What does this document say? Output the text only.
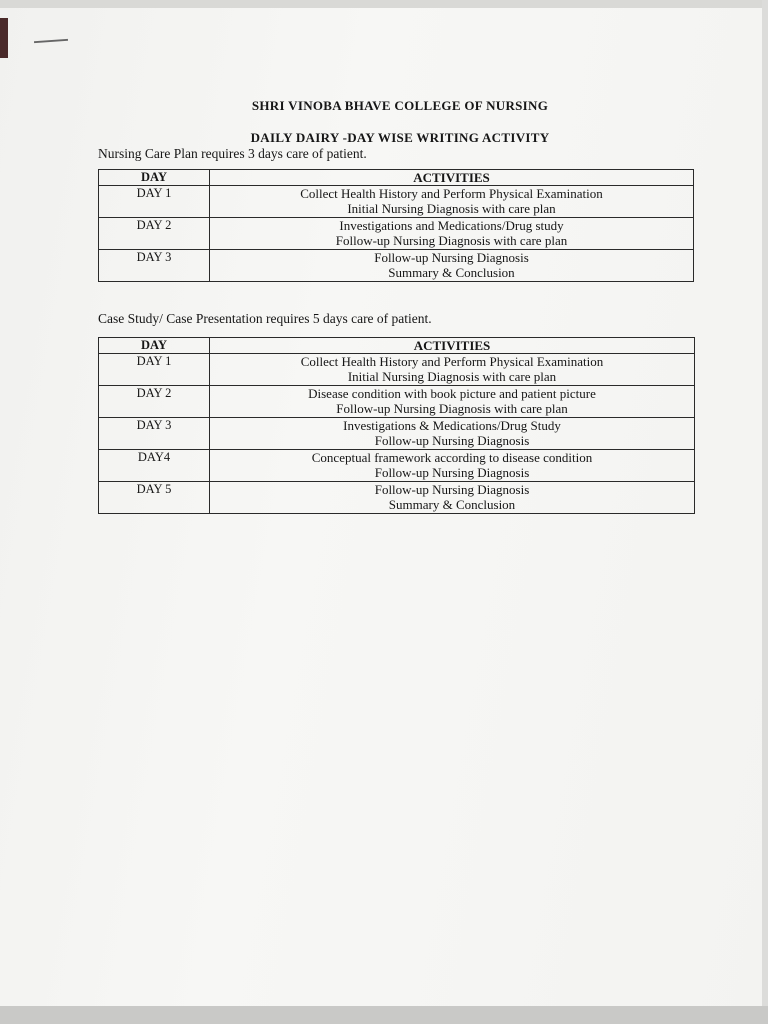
SHRI VINOBA BHAVE COLLEGE OF NURSING
DAILY DAIRY -DAY WISE WRITING ACTIVITY
Nursing Care Plan requires 3 days care of patient.
DAY	ACTIVITIES
DAY 1	Collect Health History and Perform Physical Examination
Initial Nursing Diagnosis with care plan

DAY 2	Investigations and Medications/Drug study
Follow-up Nursing Diagnosis with care plan

DAY 3	Follow-up Nursing Diagnosis
Summary & Conclusion
Case Study/ Case Presentation requires 5 days care of patient.
DAY	ACTIVITIES
DAY 1	Collect Health History and Perform Physical Examination
Initial Nursing Diagnosis with care plan

DAY 2	Disease condition with book picture and patient picture
Follow-up Nursing Diagnosis with care plan

DAY 3	Investigations & Medications/Drug Study
Follow-up Nursing Diagnosis

DAY4	Conceptual framework according to disease condition
Follow-up Nursing Diagnosis

DAY 5	Follow-up Nursing Diagnosis
Summary & Conclusion
